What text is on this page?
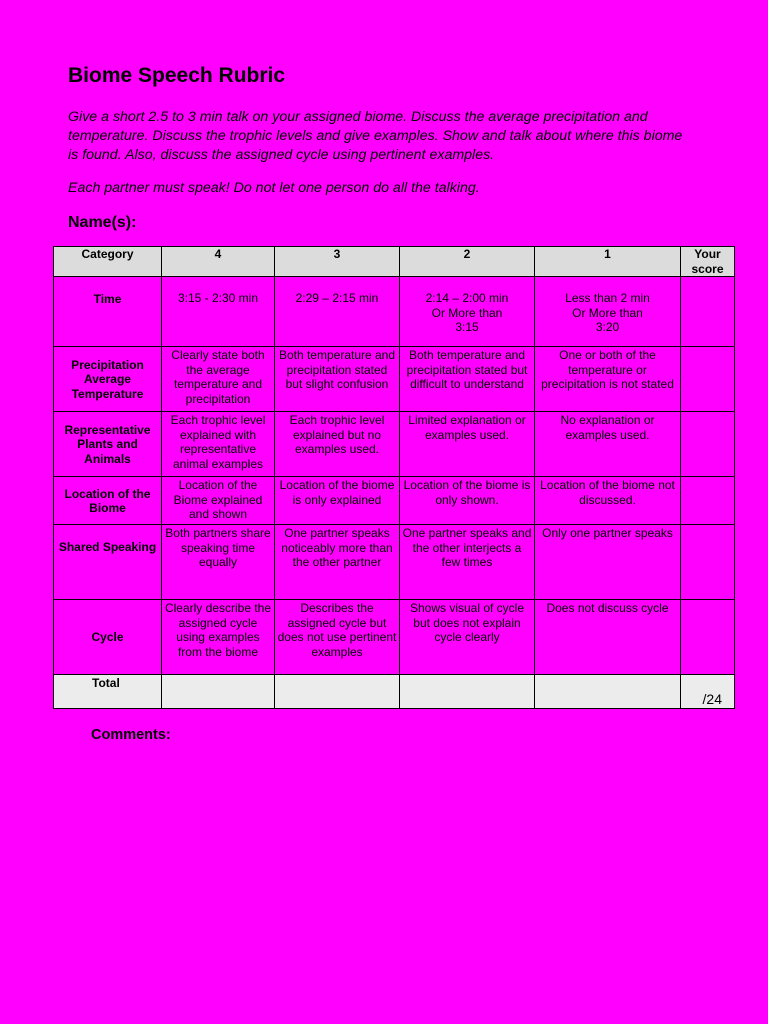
Biome Speech Rubric

Give a short 2.5 to 3 min talk on your assigned biome. Discuss the average precipitation and temperature. Discuss the trophic levels and give examples. Show and talk about where this biome is found. Also, discuss the assigned cycle using pertinent examples.

Each partner must speak! Do not let one person do all the talking.

Name(s):

Category	4	3	2	1	Your score
Time	3:15 - 2:30 min	2:29 – 2:15 min	2:14 – 2:00 min Or More than 3:15	Less than 2 min Or More than 3:20	
Precipitation Average Temperature	Clearly state both the average temperature and precipitation	Both temperature and precipitation stated but slight confusion	Both temperature and precipitation stated but difficult to understand	One or both of the temperature or precipitation is not stated	
Representative Plants and Animals	Each trophic level explained with representative animal examples	Each trophic level explained but no examples used.	Limited explanation or examples used.	No explanation or examples used.	
Location of the Biome	Location of the Biome explained and shown	Location of the biome is only explained	Location of the biome is only shown.	Location of the biome not discussed.	
Shared Speaking	Both partners share speaking time equally	One partner speaks noticeably more than the other partner	One partner speaks and the other interjects a few times	Only one partner speaks	
Cycle	Clearly describe the assigned cycle using examples from the biome	Describes the assigned cycle but does not use pertinent examples	Shows visual of cycle but does not explain cycle clearly	Does not discuss cycle	
Total					/24

Comments:
